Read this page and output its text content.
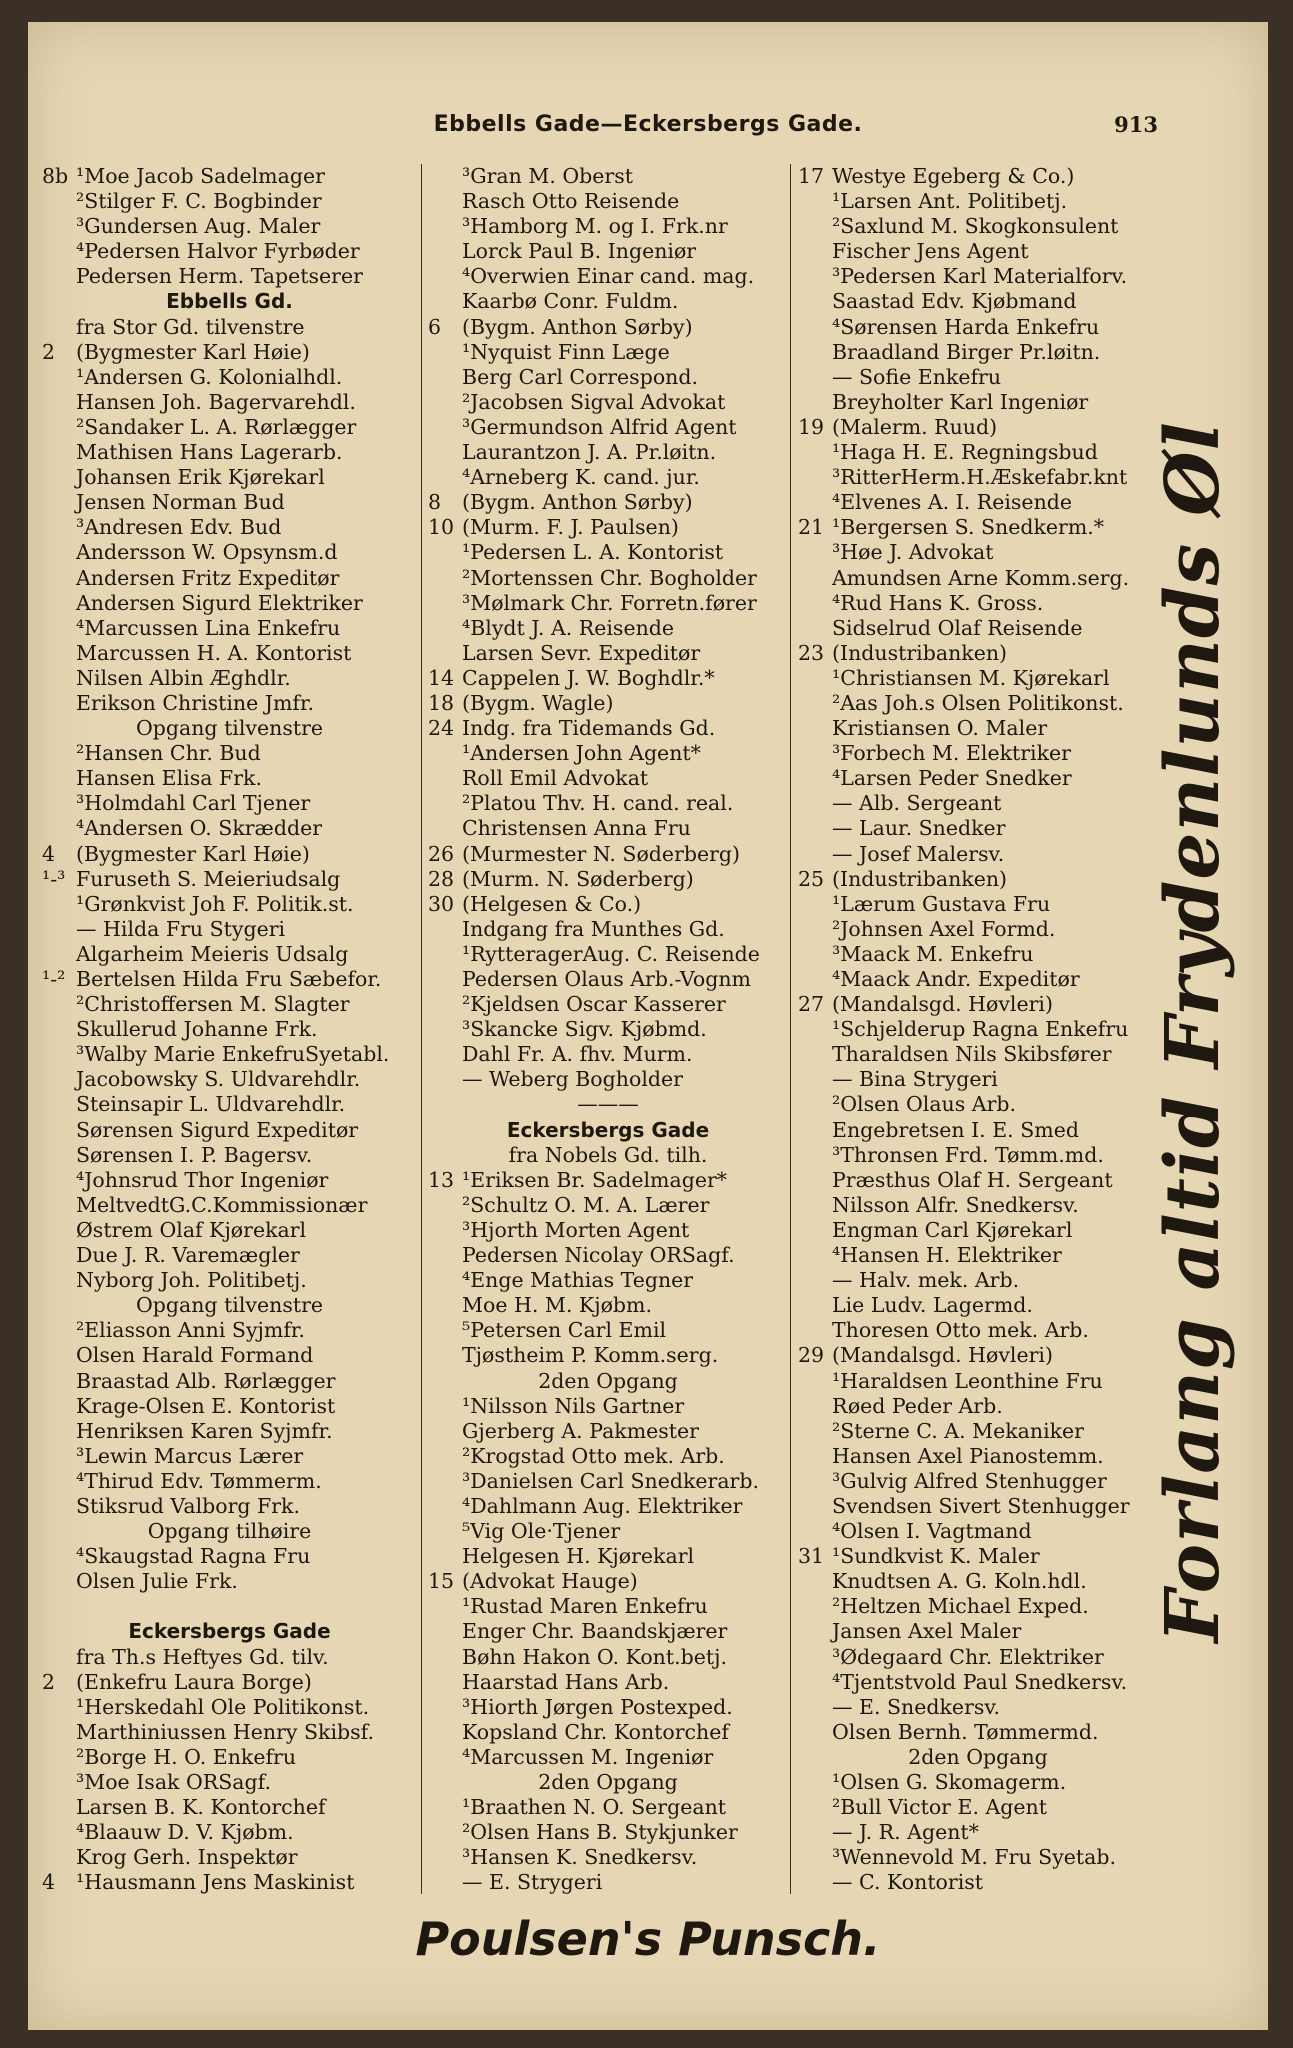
Ebbells Gade—Eckersbergs Gade.	913
8b ¹Moe Jacob Sadelmager
²Stilger F. C. Bogbinder
³Gundersen Aug. Maler
⁴Pedersen Halvor Fyrbøder
Pedersen Herm. Tapetserer
Ebbells Gd.
fra Stor Gd. tilvenstre
2 (Bygmester Karl Høie)
¹Andersen G. Kolonialhdl.
Hansen Joh. Bagervarehdl.
²Sandaker L. A. Rørlægger
Mathisen Hans Lagerarb.
Johansen Erik Kjørekarl
Jensen Norman Bud
³Andresen Edv. Bud
Andersson W. Opsynsm.d
Andersen Fritz Expeditør
Andersen Sigurd Elektriker
⁴Marcussen Lina Enkefru
Marcussen H. A. Kontorist
Nilsen Albin Æghdlr.
Erikson Christine Jmfr.
Opgang tilvenstre
²Hansen Chr. Bud
Hansen Elisa Frk.
³Holmdahl Carl Tjener
⁴Andersen O. Skrædder
4 (Bygmester Karl Høie)
¹-³ Furuseth S. Meieriudsalg
¹Grønkvist Joh F. Politik.st.
— Hilda Fru Stygeri
Algarheim Meieris Udsalg
¹-² Bertelsen Hilda Fru Sæbefor.
²Christoffersen M. Slagter
Skullerud Johanne Frk.
³Walby Marie EnkefruSyetabl.
Jacobowsky S. Uldvarehdlr.
Steinsapir L. Uldvarehdlr.
Sørensen Sigurd Expeditør
Sørensen I. P. Bagersv.
⁴Johnsrud Thor Ingeniør
MeltvedtG.C.Kommissionær
Østrem Olaf Kjørekarl
Due J. R. Varemægler
Nyborg Joh. Politibetj.
Opgang tilvenstre
²Eliasson Anni Syjmfr.
Olsen Harald Formand
Braastad Alb. Rørlægger
Krage-Olsen E. Kontorist
Henriksen Karen Syjmfr.
³Lewin Marcus Lærer
⁴Thirud Edv. Tømmerm.
Stiksrud Valborg Frk.
Opgang tilhøire
⁴Skaugstad Ragna Fru
Olsen Julie Frk.
Eckersbergs Gade
fra Th.s Heftyes Gd. tilv.
2 (Enkefru Laura Borge)
¹Herskedahl Ole Politikonst.
Marthiniussen Henry Skibsf.
²Borge H. O. Enkefru
³Moe Isak ORSagf.
Larsen B. K. Kontorchef
⁴Blaauw D. V. Kjøbm.
Krog Gerh. Inspektør
4 ¹Hausmann Jens Maskinist
³Gran M. Oberst
Rasch Otto Reisende
³Hamborg M. og I. Frk.nr
Lorck Paul B. Ingeniør
⁴Overwien Einar cand. mag.
Kaarbø Conr. Fuldm.
6 (Bygm. Anthon Sørby)
¹Nyquist Finn Læge
Berg Carl Correspond.
²Jacobsen Sigval Advokat
³Germundson Alfrid Agent
Laurantzon J. A. Pr.løitn.
⁴Arneberg K. cand. jur.
8 (Bygm. Anthon Sørby)
10 (Murm. F. J. Paulsen)
¹Pedersen L. A. Kontorist
²Mortenssen Chr. Bogholder
³Mølmark Chr. Forretn.fører
⁴Blydt J. A. Reisende
Larsen Sevr. Expeditør
14 Cappelen J. W. Boghdlr.*
18 (Bygm. Wagle)
24 Indg. fra Tidemands Gd.
¹Andersen John Agent*
Roll Emil Advokat
²Platou Thv. H. cand. real.
Christensen Anna Fru
26 (Murmester N. Søderberg)
28 (Murm. N. Søderberg)
30 (Helgesen & Co.)
Indgang fra Munthes Gd.
¹RytteragerAug. C. Reisende
Pedersen Olaus Arb.-Vognm
²Kjeldsen Oscar Kasserer
³Skancke Sigv. Kjøbmd.
Dahl Fr. A. fhv. Murm.
— Weberg Bogholder
———
Eckersbergs Gade
fra Nobels Gd. tilh.
13 ¹Eriksen Br. Sadelmager*
²Schultz O. M. A. Lærer
³Hjorth Morten Agent
Pedersen Nicolay ORSagf.
⁴Enge Mathias Tegner
Moe H. M. Kjøbm.
⁵Petersen Carl Emil
Tjøstheim P. Komm.serg.
2den Opgang
¹Nilsson Nils Gartner
Gjerberg A. Pakmester
²Krogstad Otto mek. Arb.
³Danielsen Carl Snedkerarb.
⁴Dahlmann Aug. Elektriker
⁵Vig Ole·Tjener
Helgesen H. Kjørekarl
15 (Advokat Hauge)
¹Rustad Maren Enkefru
Enger Chr. Baandskjærer
Bøhn Hakon O. Kont.betj.
Haarstad Hans Arb.
³Hiorth Jørgen Postexped.
Kopsland Chr. Kontorchef
⁴Marcussen M. Ingeniør
2den Opgang
¹Braathen N. O. Sergeant
²Olsen Hans B. Stykjunker
³Hansen K. Snedkersv.
— E. Strygeri
17 Westye Egeberg & Co.)
¹Larsen Ant. Politibetj.
²Saxlund M. Skogkonsulent
Fischer Jens Agent
³Pedersen Karl Materialforv.
Saastad Edv. Kjøbmand
⁴Sørensen Harda Enkefru
Braadland Birger Pr.løitn.
— Sofie Enkefru
Breyholter Karl Ingeniør
19 (Malerm. Ruud)
¹Haga H. E. Regningsbud
³RitterHerm.H.Æskefabr.knt
⁴Elvenes A. I. Reisende
21 ¹Bergersen S. Snedkerm.*
³Høe J. Advokat
Amundsen Arne Komm.serg.
⁴Rud Hans K. Gross.
Sidselrud Olaf Reisende
23 (Industribanken)
¹Christiansen M. Kjørekarl
²Aas Joh.s Olsen Politikonst.
Kristiansen O. Maler
³Forbech M. Elektriker
⁴Larsen Peder Snedker
— Alb. Sergeant
— Laur. Snedker
— Josef Malersv.
25 (Industribanken)
¹Lærum Gustava Fru
²Johnsen Axel Formd.
³Maack M. Enkefru
⁴Maack Andr. Expeditør
27 (Mandalsgd. Høvleri)
¹Schjelderup Ragna Enkefru
Tharaldsen Nils Skibsfører
— Bina Strygeri
²Olsen Olaus Arb.
Engebretsen I. E. Smed
³Thronsen Frd. Tømm.md.
Præsthus Olaf H. Sergeant
Nilsson Alfr. Snedkersv.
Engman Carl Kjørekarl
⁴Hansen H. Elektriker
— Halv. mek. Arb.
Lie Ludv. Lagermd.
Thoresen Otto mek. Arb.
29 (Mandalsgd. Høvleri)
¹Haraldsen Leonthine Fru
Røed Peder Arb.
²Sterne C. A. Mekaniker
Hansen Axel Pianostemm.
³Gulvig Alfred Stenhugger
Svendsen Sivert Stenhugger
⁴Olsen I. Vagtmand
31 ¹Sundkvist K. Maler
Knudtsen A. G. Koln.hdl.
²Heltzen Michael Exped.
Jansen Axel Maler
³Ødegaard Chr. Elektriker
⁴Tjentstvold Paul Snedkersv.
— E. Snedkersv.
Olsen Bernh. Tømmermd.
2den Opgang
¹Olsen G. Skomagerm.
²Bull Victor E. Agent
— J. R. Agent*
³Wennevold M. Fru Syetab.
— C. Kontorist
Forlang altid Frydenlunds Øl
Poulsen's Punsch.
